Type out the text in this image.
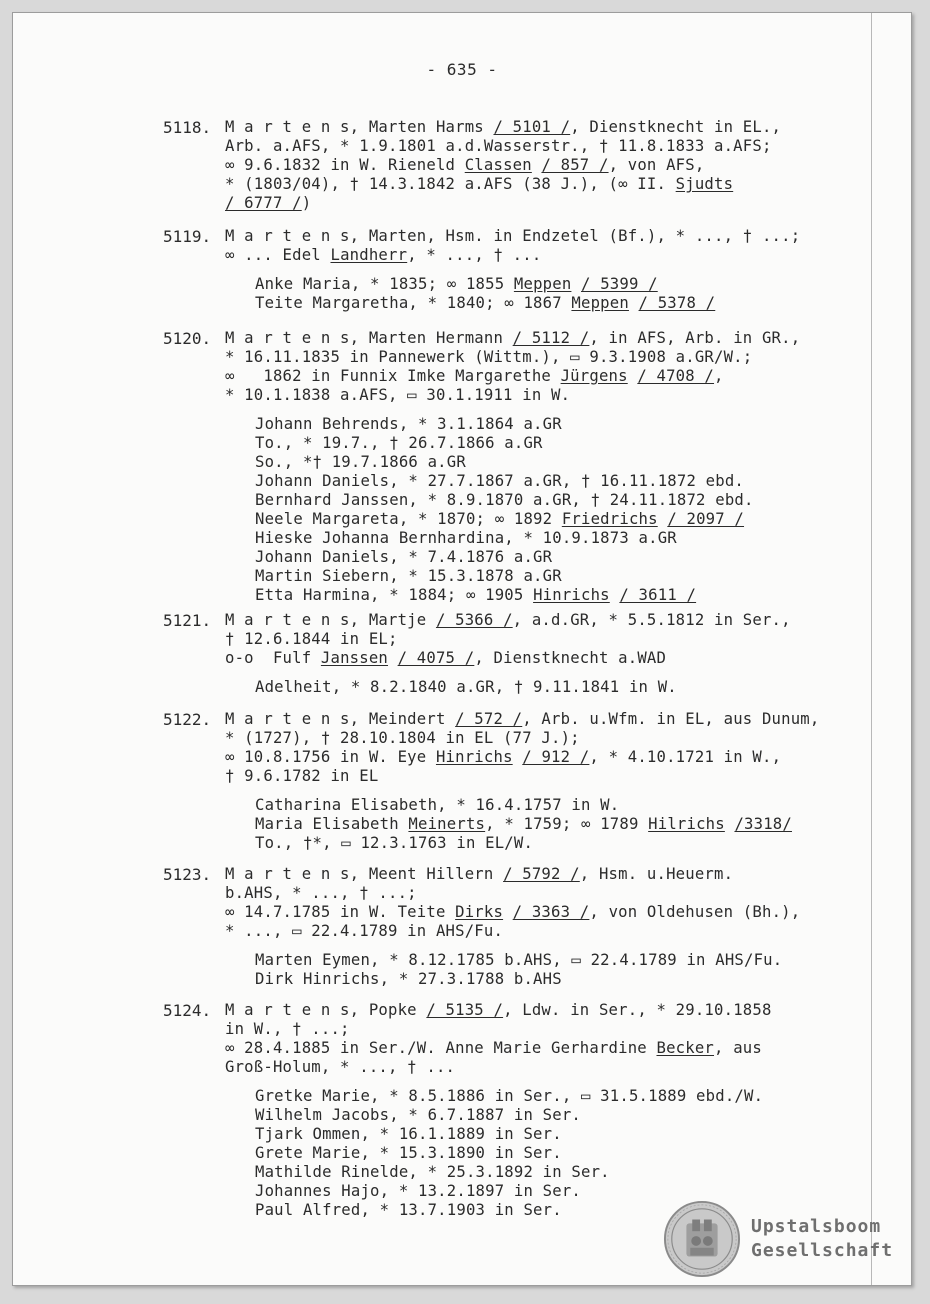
- 635 -
5118. M a r t e n s, Marten Harms / 5101 /, Dienstknecht in EL.,
Arb. a.AFS, * 1.9.1801 a.d.Wasserstr., † 11.8.1833 a.AFS;
∞ 9.6.1832 in W. Rieneld Classen / 857 /, von AFS,
* (1803/04), † 14.3.1842 a.AFS (38 J.), (∞ II. Sjudts
/ 6777 /)
5119. M a r t e n s, Marten, Hsm. in Endzetel (Bf.), * ..., † ...;
∞ ... Edel Landherr, * ..., † ...
Anke Maria, * 1835; ∞ 1855 Meppen / 5399 /
Teite Margaretha, * 1840; ∞ 1867 Meppen / 5378 /
5120. M a r t e n s, Marten Hermann / 5112 /, in AFS, Arb. in GR.,
* 16.11.1835 in Pannewerk (Wittm.), ▭ 9.3.1908 a.GR/W.;
∞   1862 in Funnix Imke Margarethe Jürgens / 4708 /,
* 10.1.1838 a.AFS, ▭ 30.1.1911 in W.
Johann Behrends, * 3.1.1864 a.GR
To., * 19.7., † 26.7.1866 a.GR
So., *† 19.7.1866 a.GR
Johann Daniels, * 27.7.1867 a.GR, † 16.11.1872 ebd.
Bernhard Janssen, * 8.9.1870 a.GR, † 24.11.1872 ebd.
Neele Margareta, * 1870; ∞ 1892 Friedrichs / 2097 /
Hieske Johanna Bernhardina, * 10.9.1873 a.GR
Johann Daniels, * 7.4.1876 a.GR
Martin Siebern, * 15.3.1878 a.GR
Etta Harmina, * 1884; ∞ 1905 Hinrichs / 3611 /
5121. M a r t e n s, Martje / 5366 /, a.d.GR, * 5.5.1812 in Ser.,
† 12.6.1844 in EL;
o-o  Fulf Janssen / 4075 /, Dienstknecht a.WAD
Adelheit, * 8.2.1840 a.GR, † 9.11.1841 in W.
5122. M a r t e n s, Meindert / 572 /, Arb. u.Wfm. in EL, aus Dunum,
* (1727), † 28.10.1804 in EL (77 J.);
∞ 10.8.1756 in W. Eye Hinrichs / 912 /, * 4.10.1721 in W.,
† 9.6.1782 in EL
Catharina Elisabeth, * 16.4.1757 in W.
Maria Elisabeth Meinerts, * 1759; ∞ 1789 Hilrichs /3318/
To., †*, ▭ 12.3.1763 in EL/W.
5123. M a r t e n s, Meent Hillern / 5792 /, Hsm. u.Heuerm.
b.AHS, * ..., † ...;
∞ 14.7.1785 in W. Teite Dirks / 3363 /, von Oldehusen (Bh.),
* ..., ▭ 22.4.1789 in AHS/Fu.
Marten Eymen, * 8.12.1785 b.AHS, ▭ 22.4.1789 in AHS/Fu.
Dirk Hinrichs, * 27.3.1788 b.AHS
5124. M a r t e n s, Popke / 5135 /, Ldw. in Ser., * 29.10.1858
in W., † ...;
∞ 28.4.1885 in Ser./W. Anne Marie Gerhardine Becker, aus
Groß-Holum, * ..., † ...
Gretke Marie, * 8.5.1886 in Ser., ▭ 31.5.1889 ebd./W.
Wilhelm Jacobs, * 6.7.1887 in Ser.
Tjark Ommen, * 16.1.1889 in Ser.
Grete Marie, * 15.3.1890 in Ser.
Mathilde Rinelde, * 25.3.1892 in Ser.
Johannes Hajo, * 13.2.1897 in Ser.
Paul Alfred, * 13.7.1903 in Ser.
Upstalsboom
Gesellschaft
